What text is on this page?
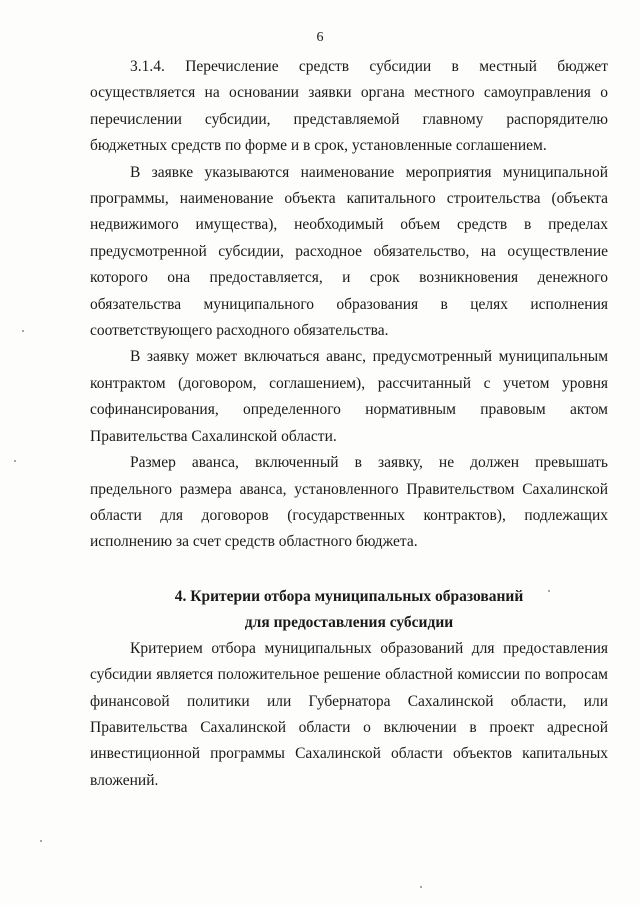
6

3.1.4. Перечисление средств субсидии в местный бюджет осуществляется на основании заявки органа местного самоуправления о перечислении субсидии, представляемой главному распорядителю бюджетных средств по форме и в срок, установленные соглашением.

В заявке указываются наименование мероприятия муниципальной программы, наименование объекта капитального строительства (объекта недвижимого имущества), необходимый объем средств в пределах предусмотренной субсидии, расходное обязательство, на осуществление которого она предоставляется, и срок возникновения денежного обязательства муниципального образования в целях исполнения соответствующего расходного обязательства.

В заявку может включаться аванс, предусмотренный муниципальным контрактом (договором, соглашением), рассчитанный с учетом уровня софинансирования, определенного нормативным правовым актом Правительства Сахалинской области.

Размер аванса, включенный в заявку, не должен превышать предельного размера аванса, установленного Правительством Сахалинской области для договоров (государственных контрактов), подлежащих исполнению за счет средств областного бюджета.

4. Критерии отбора муниципальных образований
для предоставления субсидии

Критерием отбора муниципальных образований для предоставления субсидии является положительное решение областной комиссии по вопросам финансовой политики или Губернатора Сахалинской области, или Правительства Сахалинской области о включении в проект адресной инвестиционной программы Сахалинской области объектов капитальных вложений.
